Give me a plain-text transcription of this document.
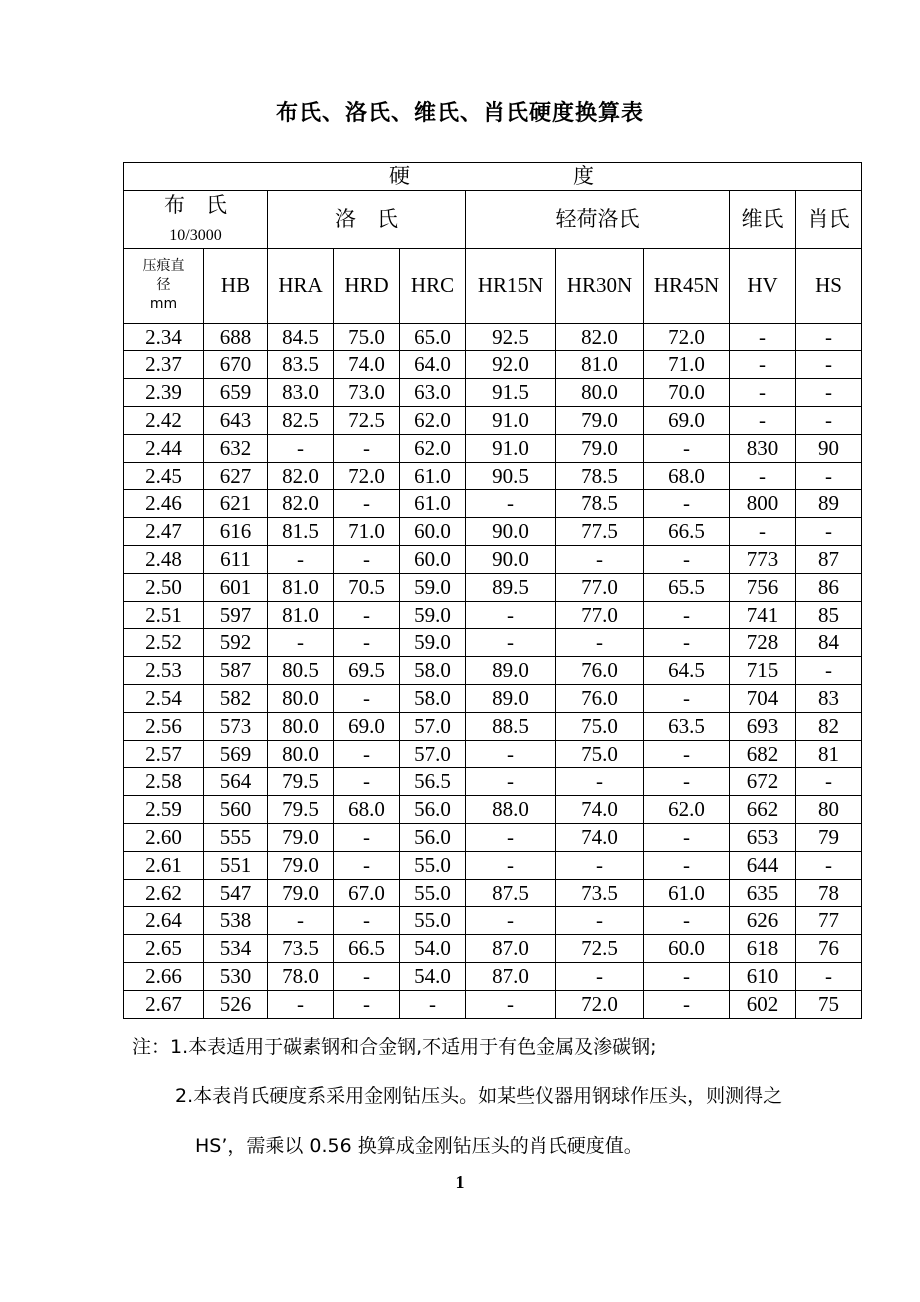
布氏、洛氏、维氏、肖氏硬度换算表
硬　　　　　　　度									
布　氏
10/3000		洛　氏			轻荷洛氏			维氏	肖氏
压痕直径
mm	HB	HRA	HRD	HRC	HR15N	HR30N	HR45N	HV	HS
2.34	688	84.5	75.0	65.0	92.5	82.0	72.0	-	-
2.37	670	83.5	74.0	64.0	92.0	81.0	71.0	-	-
2.39	659	83.0	73.0	63.0	91.5	80.0	70.0	-	-
2.42	643	82.5	72.5	62.0	91.0	79.0	69.0	-	-
2.44	632	-	-	62.0	91.0	79.0	-	830	90
2.45	627	82.0	72.0	61.0	90.5	78.5	68.0	-	-
2.46	621	82.0	-	61.0	-	78.5	-	800	89
2.47	616	81.5	71.0	60.0	90.0	77.5	66.5	-	-
2.48	611	-	-	60.0	90.0	-	-	773	87
2.50	601	81.0	70.5	59.0	89.5	77.0	65.5	756	86
2.51	597	81.0	-	59.0	-	77.0	-	741	85
2.52	592	-	-	59.0	-	-	-	728	84
2.53	587	80.5	69.5	58.0	89.0	76.0	64.5	715	-
2.54	582	80.0	-	58.0	89.0	76.0	-	704	83
2.56	573	80.0	69.0	57.0	88.5	75.0	63.5	693	82
2.57	569	80.0	-	57.0	-	75.0	-	682	81
2.58	564	79.5	-	56.5	-	-	-	672	-
2.59	560	79.5	68.0	56.0	88.0	74.0	62.0	662	80
2.60	555	79.0	-	56.0	-	74.0	-	653	79
2.61	551	79.0	-	55.0	-	-	-	644	-
2.62	547	79.0	67.0	55.0	87.5	73.5	61.0	635	78
2.64	538	-	-	55.0	-	-	-	626	77
2.65	534	73.5	66.5	54.0	87.0	72.5	60.0	618	76
2.66	530	78.0	-	54.0	87.0	-	-	610	-
2.67	526	-	-	-	-	72.0	-	602	75
注：1.本表适用于碳素钢和合金钢,不适用于有色金属及渗碳钢;
2.本表肖氏硬度系采用金刚钻压头。如某些仪器用钢球作压头，则测得之
HS’，需乘以 0.56 换算成金刚钻压头的肖氏硬度值。
1
